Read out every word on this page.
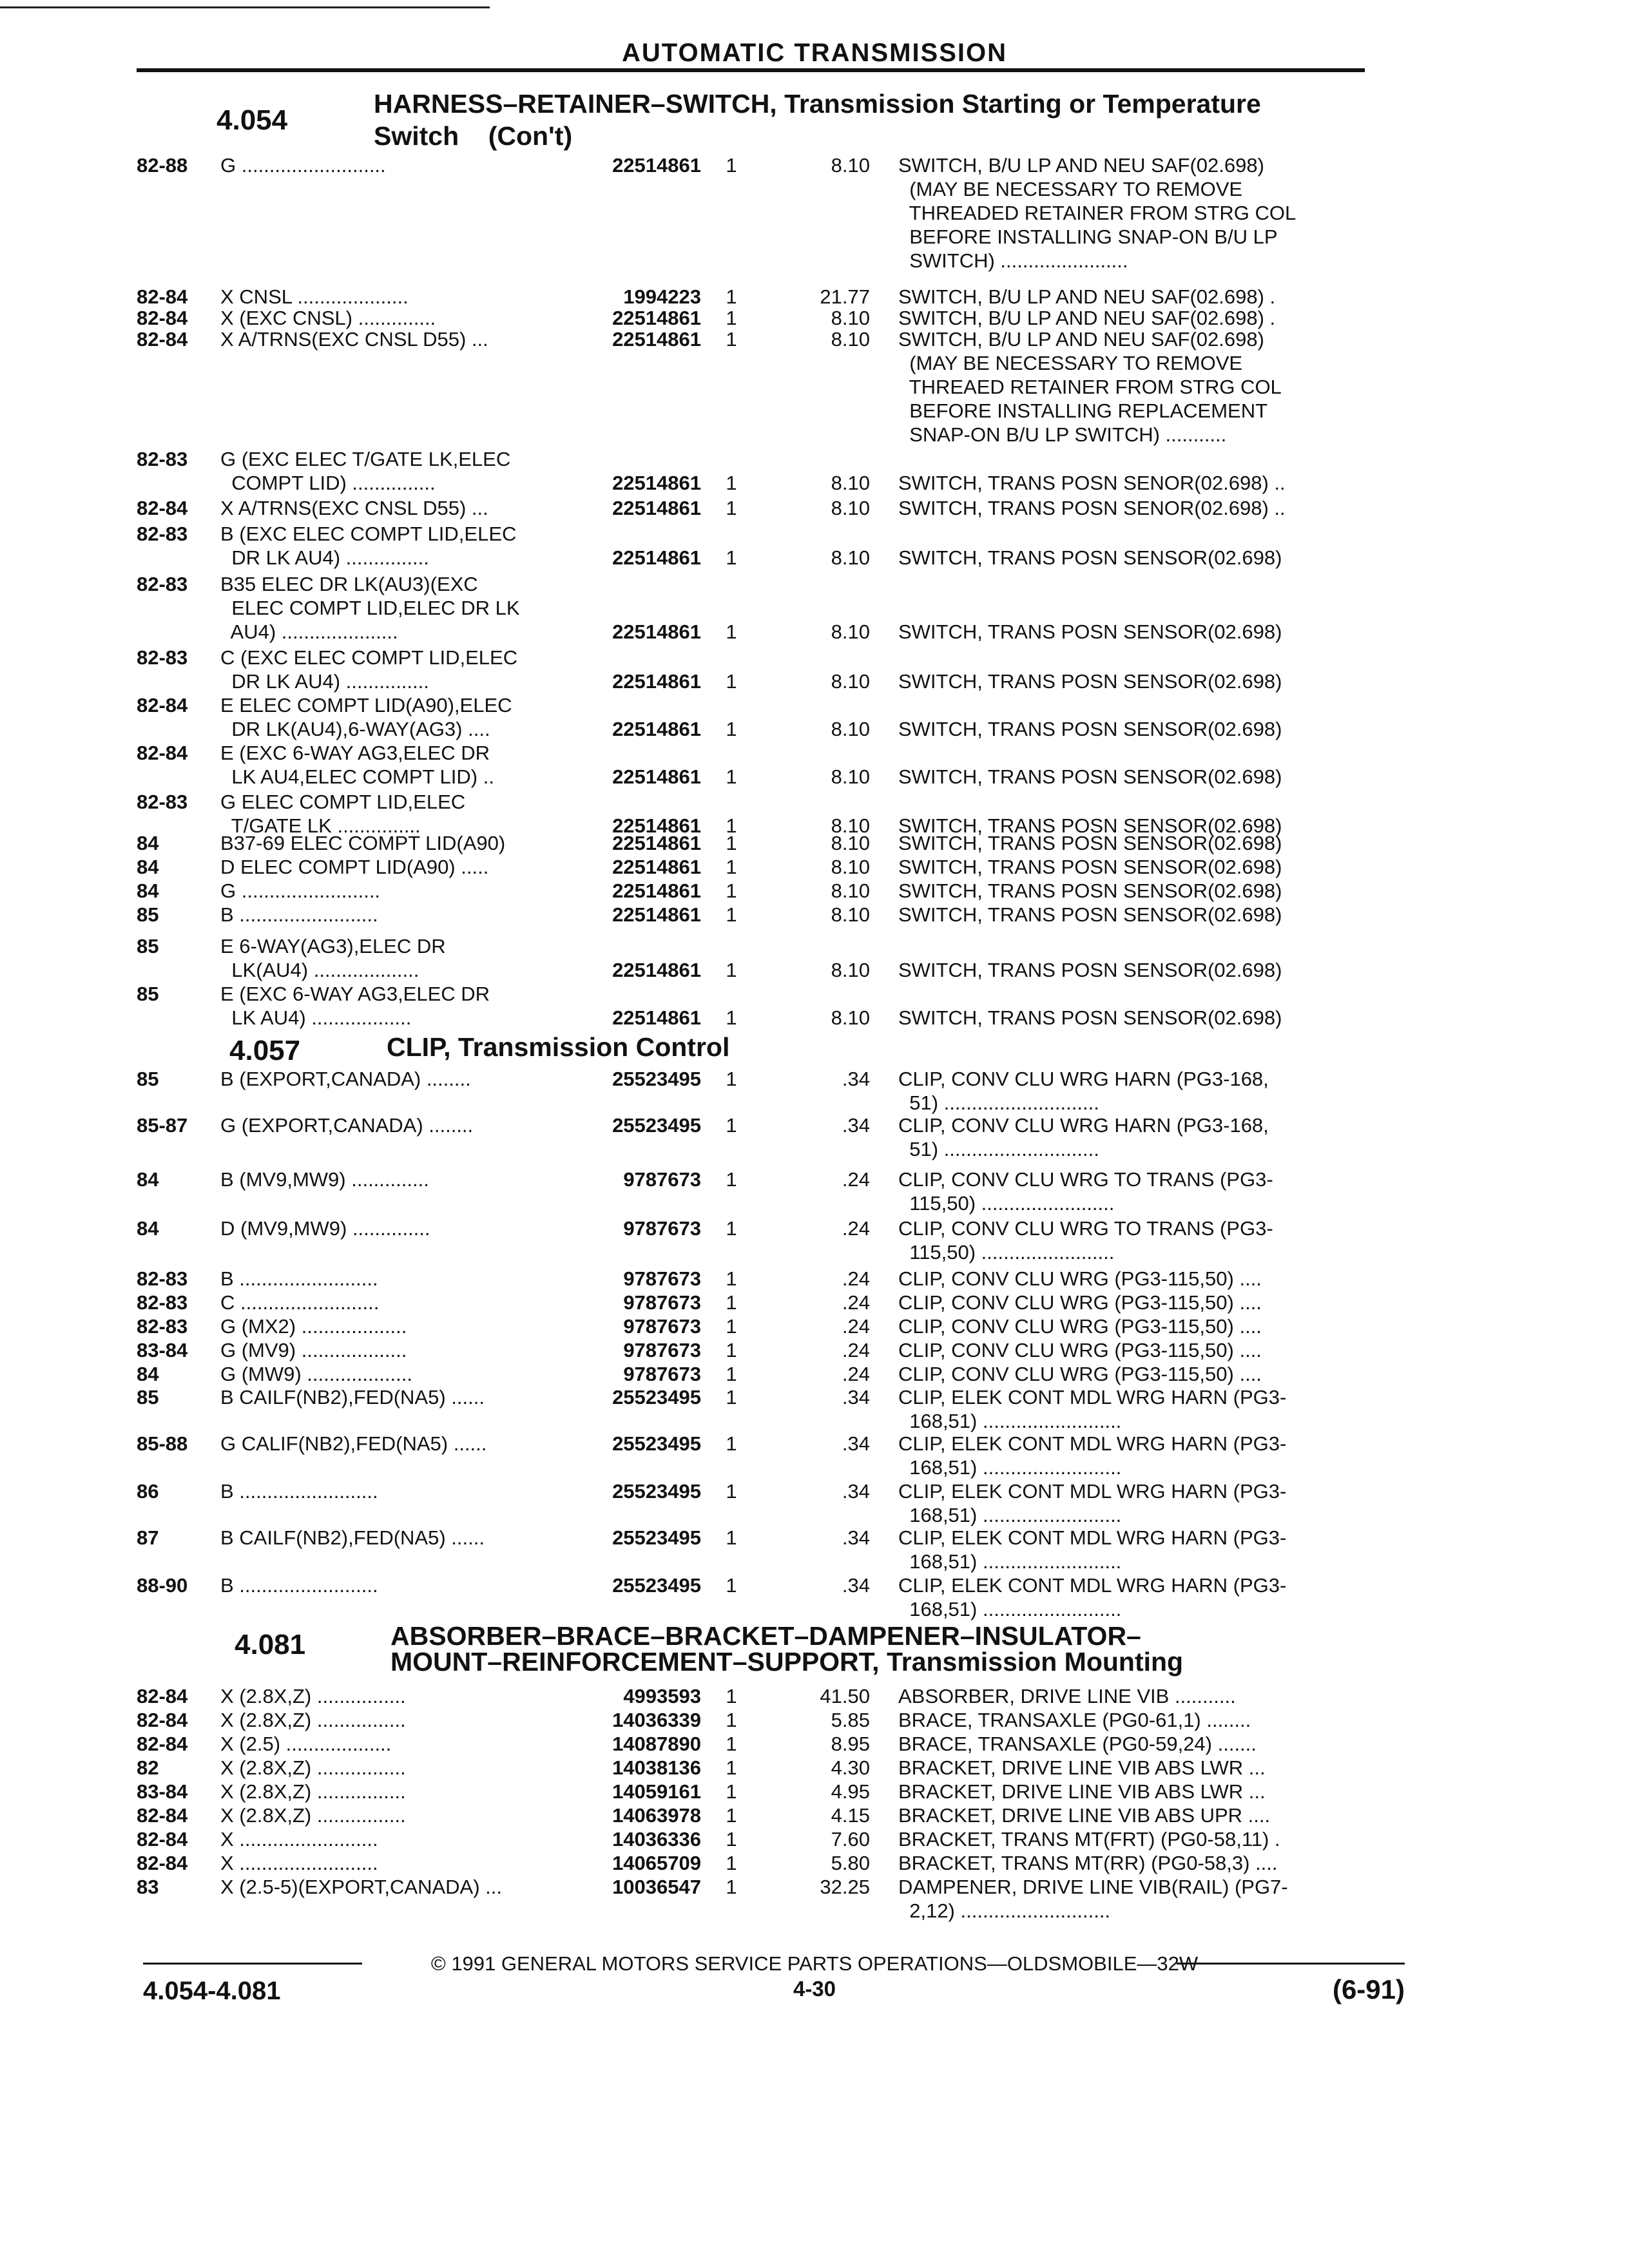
AUTOMATIC TRANSMISSION
4.054
HARNESS–RETAINER–SWITCH, Transmission Starting or Temperature
Switch    (Con't)
82-88 G ..........................	22514861 1	8.10 SWITCH, B/U LP AND NEU SAF(02.698)
(MAY BE NECESSARY TO REMOVE
THREADED RETAINER FROM STRG COL
BEFORE INSTALLING SNAP-ON B/U LP
SWITCH) .......................
82-84 X CNSL ....................	1994223 1	21.77 SWITCH, B/U LP AND NEU SAF(02.698) .
82-84 X (EXC CNSL) ..............	22514861 1	8.10 SWITCH, B/U LP AND NEU SAF(02.698) .
82-84 X A/TRNS(EXC CNSL D55) ...	22514861 1	8.10 SWITCH, B/U LP AND NEU SAF(02.698)
(MAY BE NECESSARY TO REMOVE
THREAED RETAINER FROM STRG COL
BEFORE INSTALLING REPLACEMENT
SNAP-ON B/U LP SWITCH) ...........
82-83 G (EXC ELEC T/GATE LK,ELEC
COMPT LID) ...............	22514861 1	8.10 SWITCH, TRANS POSN SENOR(02.698) ..
82-84 X A/TRNS(EXC CNSL D55) ...	22514861 1	8.10 SWITCH, TRANS POSN SENOR(02.698) ..
82-83 B (EXC ELEC COMPT LID,ELEC
DR LK AU4) ...............	22514861 1	8.10 SWITCH, TRANS POSN SENSOR(02.698)
82-83 B35 ELEC DR LK(AU3)(EXC
ELEC COMPT LID,ELEC DR LK
AU4) .....................	22514861 1	8.10 SWITCH, TRANS POSN SENSOR(02.698)
82-83 C (EXC ELEC COMPT LID,ELEC
DR LK AU4) ...............	22514861 1	8.10 SWITCH, TRANS POSN SENSOR(02.698)
82-84 E ELEC COMPT LID(A90),ELEC
DR LK(AU4),6-WAY(AG3) ....	22514861 1	8.10 SWITCH, TRANS POSN SENSOR(02.698)
82-84 E (EXC 6-WAY AG3,ELEC DR
LK AU4,ELEC COMPT LID) ..	22514861 1	8.10 SWITCH, TRANS POSN SENSOR(02.698)
82-83 G ELEC COMPT LID,ELEC
T/GATE LK ...............	22514861 1	8.10 SWITCH, TRANS POSN SENSOR(02.698)
84	B37-69 ELEC COMPT LID(A90)	22514861 1	8.10 SWITCH, TRANS POSN SENSOR(02.698)
84	D ELEC COMPT LID(A90) .....	22514861 1	8.10 SWITCH, TRANS POSN SENSOR(02.698)
84	G .........................	22514861 1	8.10 SWITCH, TRANS POSN SENSOR(02.698)
85	B .........................	22514861 1	8.10 SWITCH, TRANS POSN SENSOR(02.698)
85	E 6-WAY(AG3),ELEC DR
LK(AU4) ...................	22514861 1	8.10 SWITCH, TRANS POSN SENSOR(02.698)
85	E (EXC 6-WAY AG3,ELEC DR
LK AU4) ..................	22514861 1	8.10 SWITCH, TRANS POSN SENSOR(02.698)
4.057	CLIP, Transmission Control
85	B (EXPORT,CANADA) ........	25523495 1	.34 CLIP, CONV CLU WRG HARN (PG3-168,
51) ............................
85-87 G (EXPORT,CANADA) ........	25523495 1	.34 CLIP, CONV CLU WRG HARN (PG3-168,
51) ............................
84	B (MV9,MW9) ..............	9787673 1	.24 CLIP, CONV CLU WRG TO TRANS (PG3-
115,50) ........................
84	D (MV9,MW9) ..............	9787673 1	.24 CLIP, CONV CLU WRG TO TRANS (PG3-
115,50) ........................
82-83 B .........................	9787673 1	.24 CLIP, CONV CLU WRG (PG3-115,50) ....
82-83 C .........................	9787673 1	.24 CLIP, CONV CLU WRG (PG3-115,50) ....
82-83 G (MX2) ...................	9787673 1	.24 CLIP, CONV CLU WRG (PG3-115,50) ....
83-84 G (MV9) ...................	9787673 1	.24 CLIP, CONV CLU WRG (PG3-115,50) ....
84	G (MW9) ...................	9787673 1	.24 CLIP, CONV CLU WRG (PG3-115,50) ....
85	B CAILF(NB2),FED(NA5) ......	25523495 1	.34 CLIP, ELEK CONT MDL WRG HARN (PG3-
168,51) .........................
85-88 G CALIF(NB2),FED(NA5) ......	25523495 1	.34 CLIP, ELEK CONT MDL WRG HARN (PG3-
168,51) .........................
86	B .........................	25523495 1	.34 CLIP, ELEK CONT MDL WRG HARN (PG3-
168,51) .........................
87	B CAILF(NB2),FED(NA5) ......	25523495 1	.34 CLIP, ELEK CONT MDL WRG HARN (PG3-
168,51) .........................
88-90 B .........................	25523495 1	.34 CLIP, ELEK CONT MDL WRG HARN (PG3-
168,51) .........................
4.081	ABSORBER–BRACE–BRACKET–DAMPENER–INSULATOR–
MOUNT–REINFORCEMENT–SUPPORT, Transmission Mounting
82-84 X (2.8X,Z) ................	4993593 1	41.50 ABSORBER, DRIVE LINE VIB ...........
82-84 X (2.8X,Z) ................	14036339 1	5.85 BRACE, TRANSAXLE (PG0-61,1) ........
82-84 X (2.5) ...................	14087890 1	8.95 BRACE, TRANSAXLE (PG0-59,24) .......
82	X (2.8X,Z) ................	14038136 1	4.30 BRACKET, DRIVE LINE VIB ABS LWR ...
83-84 X (2.8X,Z) ................	14059161 1	4.95 BRACKET, DRIVE LINE VIB ABS LWR ...
82-84 X (2.8X,Z) ................	14063978 1	4.15 BRACKET, DRIVE LINE VIB ABS UPR ....
82-84 X .........................	14036336 1	7.60 BRACKET, TRANS MT(FRT) (PG0-58,11) .
82-84 X .........................	14065709 1	5.80 BRACKET, TRANS MT(RR) (PG0-58,3) ....
83	X (2.5-5)(EXPORT,CANADA) ...	10036547 1	32.25 DAMPENER, DRIVE LINE VIB(RAIL) (PG7-
2,12) ...........................
© 1991 GENERAL MOTORS SERVICE PARTS OPERATIONS—OLDSMOBILE—32W
4.054-4.081	4-30	(6-91)
